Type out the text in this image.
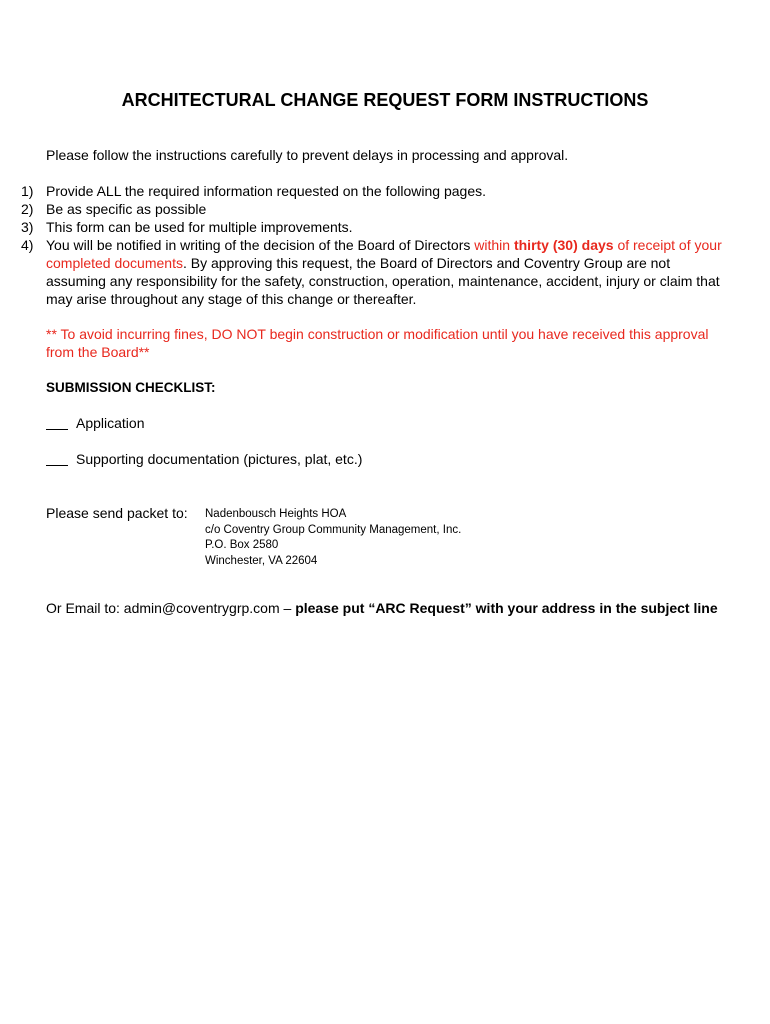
ARCHITECTURAL CHANGE REQUEST FORM INSTRUCTIONS
Please follow the instructions carefully to prevent delays in processing and approval.
1) Provide ALL the required information requested on the following pages.
2) Be as specific as possible
3) This form can be used for multiple improvements.
4) You will be notified in writing of the decision of the Board of Directors within thirty (30) days of receipt of your completed documents. By approving this request, the Board of Directors and Coventry Group are not assuming any responsibility for the safety, construction, operation, maintenance, accident, injury or claim that may arise throughout any stage of this change or thereafter.
** To avoid incurring fines, DO NOT begin construction or modification until you have received this approval from the Board**
SUBMISSION CHECKLIST:
Application
Supporting documentation (pictures, plat, etc.)
Please send packet to: Nadenbousch Heights HOA
c/o Coventry Group Community Management, Inc.
P.O. Box 2580
Winchester, VA 22604
Or Email to: admin@coventrygrp.com – please put “ARC Request” with your address in the subject line
